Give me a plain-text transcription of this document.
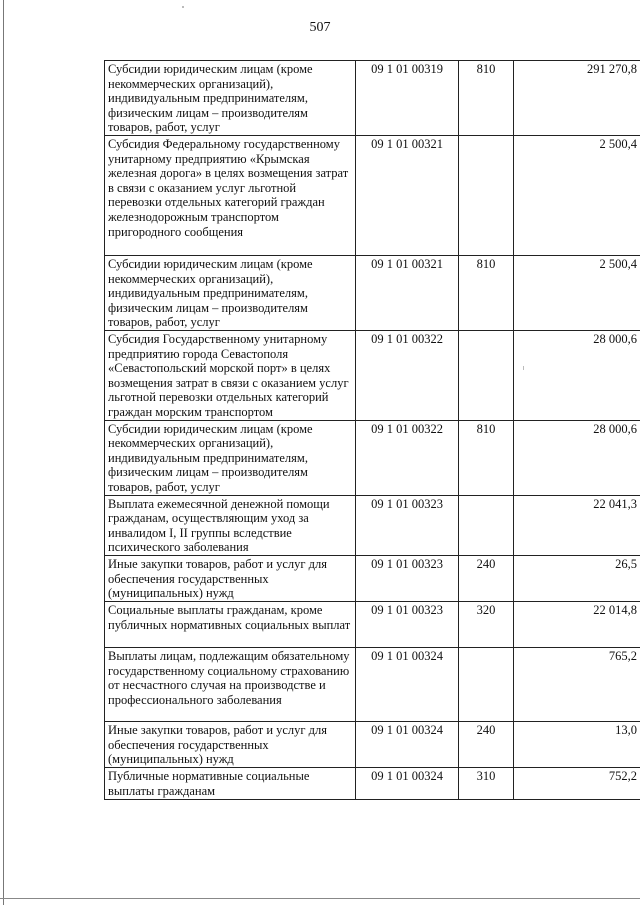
507
Субсидии юридическим лицам (кроме некоммерческих организаций), индивидуальным предпринимателям, физическим лицам – производителям товаров, работ, услуг	09 1 01 00319	810	291 270,8
Субсидия Федеральному государственному унитарному предприятию «Крымская железная дорога» в целях возмещения затрат в связи с оказанием услуг льготной перевозки отдельных категорий граждан железнодорожным транспортом пригородного сообщения	09 1 01 00321		2 500,4
Субсидии юридическим лицам (кроме некоммерческих организаций), индивидуальным предпринимателям, физическим лицам – производителям товаров, работ, услуг	09 1 01 00321	810	2 500,4
Субсидия Государственному унитарному предприятию города Севастополя «Севастопольский морской порт» в целях возмещения затрат в связи с оказанием услуг льготной перевозки отдельных категорий граждан морским транспортом	09 1 01 00322		28 000,6
Субсидии юридическим лицам (кроме некоммерческих организаций), индивидуальным предпринимателям, физическим лицам – производителям товаров, работ, услуг	09 1 01 00322	810	28 000,6
Выплата ежемесячной денежной помощи гражданам, осуществляющим уход за инвалидом I, II группы вследствие психического заболевания	09 1 01 00323		22 041,3
Иные закупки товаров, работ и услуг для обеспечения государственных (муниципальных) нужд	09 1 01 00323	240	26,5
Социальные выплаты гражданам, кроме публичных нормативных социальных выплат	09 1 01 00323	320	22 014,8
Выплаты лицам, подлежащим обязательному государственному социальному страхованию от несчастного случая на производстве и профессионального заболевания	09 1 01 00324		765,2
Иные закупки товаров, работ и услуг для обеспечения государственных (муниципальных) нужд	09 1 01 00324	240	13,0
Публичные нормативные социальные выплаты гражданам	09 1 01 00324	310	752,2
